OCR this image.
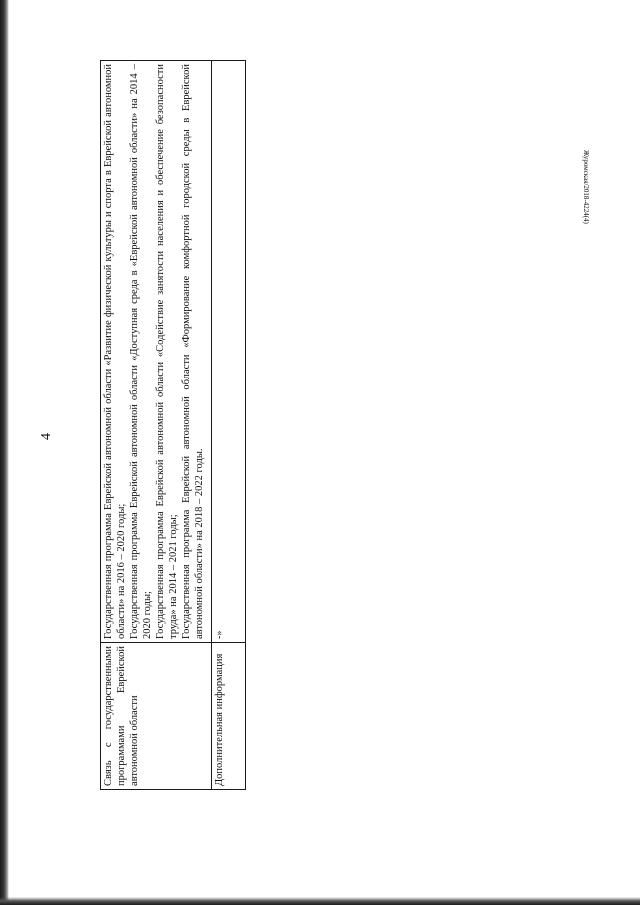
4
Связь с государственными программами Еврейской автономной области	Государственная программа Еврейской автономной области «Развитие физической культуры и спорта в Еврейской автономной области» на 2016 – 2020 годы; Государственная программа Еврейской автономной области «Доступная среда в «Еврейской автономной области» на 2014 – 2020 годы; Государственная программа Еврейской автономной области «Содействие занятости населения и обеспечение безопасности труда» на 2014 – 2021 годы; Государственная программа Еврейской автономной области «Формирование комфортной городской среды в Еврейской автономной области» на 2018 – 2022 годы.

Дополнительная информация	-»
Журомская/2018-4224(4)
